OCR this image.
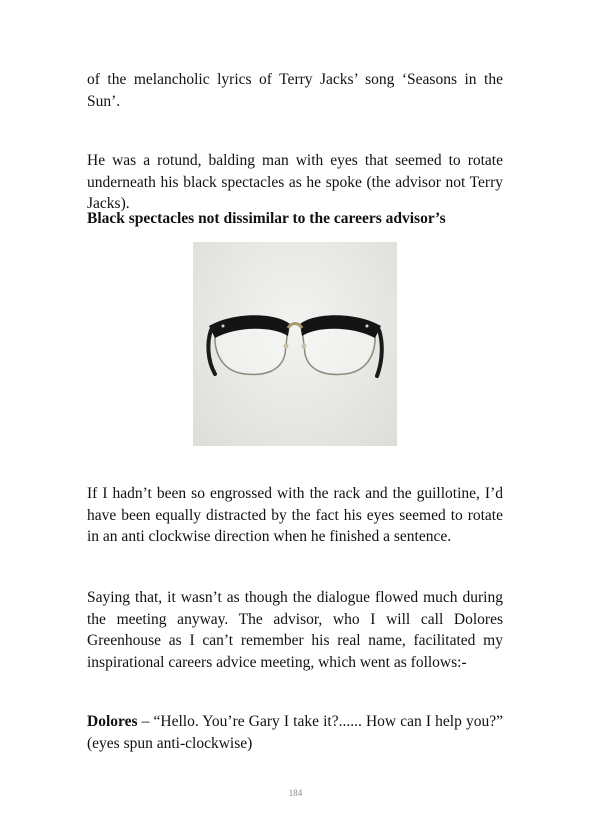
of the melancholic lyrics of Terry Jacks’ song ‘Seasons in the Sun’.

He was a rotund, balding man with eyes that seemed to rotate underneath his black spectacles as he spoke (the advisor not Terry Jacks).

Black spectacles not dissimilar to the careers advisor’s

If I hadn’t been so engrossed with the rack and the guillotine, I’d have been equally distracted by the fact his eyes seemed to rotate in an anti clockwise direction when he finished a sentence.

Saying that, it wasn’t as though the dialogue flowed much during the meeting anyway. The advisor, who I will call Dolores Greenhouse as I can’t remember his real name, facilitated my inspirational careers advice meeting, which went as follows:-

Dolores – “Hello. You’re Gary I take it?...... How can I help you?” (eyes spun anti-clockwise)

184
